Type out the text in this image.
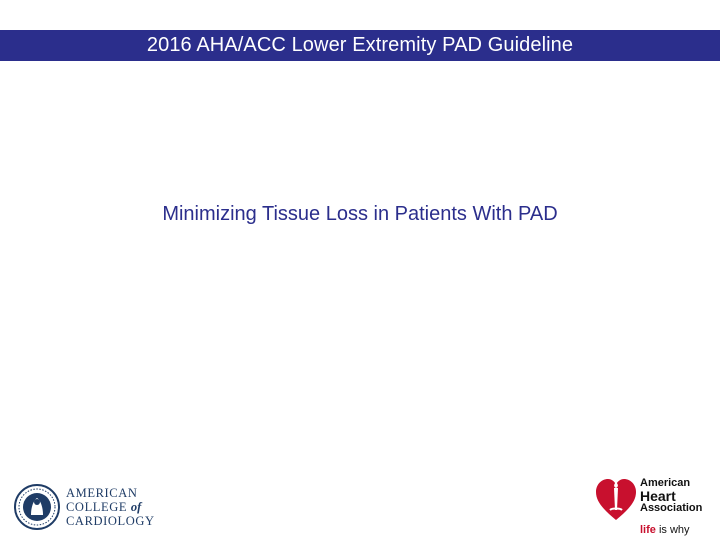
2016 AHA/ACC Lower Extremity PAD Guideline
Minimizing Tissue Loss in Patients With PAD
AMERICAN
COLLEGE of
CARDIOLOGY
American
Heart
Association
life is why
